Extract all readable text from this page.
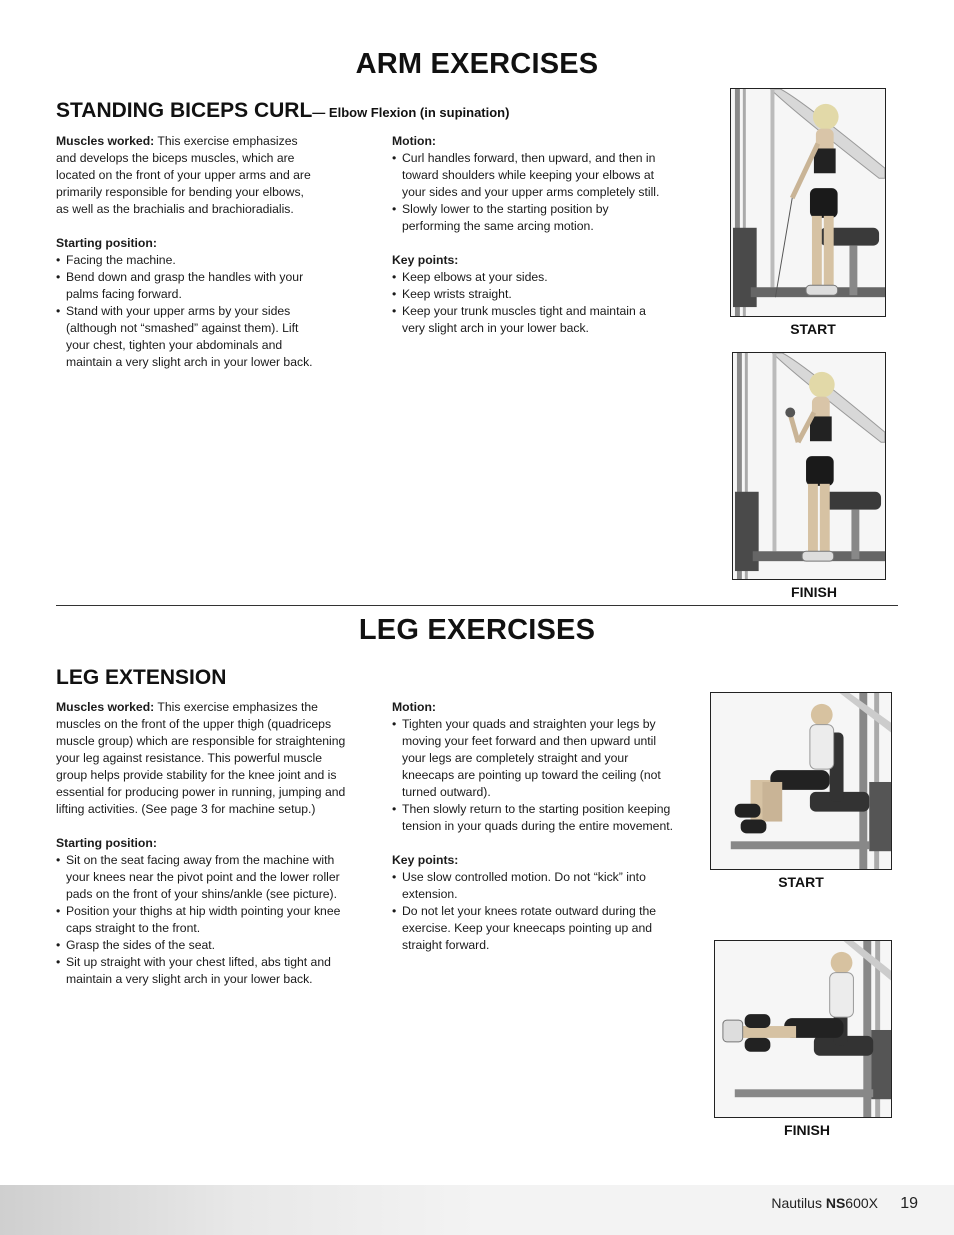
ARM EXERCISES
STANDING BICEPS CURL— Elbow Flexion (in supination)
Muscles worked: This exercise emphasizes and develops the biceps muscles, which are located on the front of your upper arms and are primarily responsible for bending your elbows, as well as the brachialis and brachioradialis.
Starting position:
• Facing the machine.
• Bend down and grasp the handles with your palms facing forward.
• Stand with your upper arms by your sides (although not “smashed” against them). Lift your chest, tighten your abdominals and maintain a very slight arch in your lower back.
Motion:
• Curl handles forward, then upward, and then in toward shoulders while keeping your elbows at your sides and your upper arms completely still.
• Slowly lower to the starting position by performing the same arcing motion.
Key points:
• Keep elbows at your sides.
• Keep wrists straight.
• Keep your trunk muscles tight and maintain a very slight arch in your lower back.	START
FINISH
LEG EXERCISES
LEG EXTENSION
Muscles worked: This exercise emphasizes the muscles on the front of the upper thigh (quadriceps muscle group) which are responsible for straightening your leg against resistance. This powerful muscle group helps provide stability for the knee joint and is essential for producing power in running, jumping and lifting activities. (See page 3 for machine setup.)
Starting position:
• Sit on the seat facing away from the machine with your knees near the pivot point and the lower roller pads on the front of your shins/ankle (see picture).
• Position your thighs at hip width pointing your knee caps straight to the front.
• Grasp the sides of the seat.
• Sit up straight with your chest lifted, abs tight and maintain a very slight arch in your lower back.
Motion:
• Tighten your quads and straighten your legs by moving your feet forward and then upward until your legs are completely straight and your kneecaps are pointing up toward the ceiling (not turned outward).
• Then slowly return to the starting position keeping tension in your quads during the entire movement.
Key points:
• Use slow controlled motion. Do not “kick” into extension.
• Do not let your knees rotate outward during the exercise. Keep your kneecaps pointing up and straight forward.
START
FINISH
Nautilus NS600X 19
